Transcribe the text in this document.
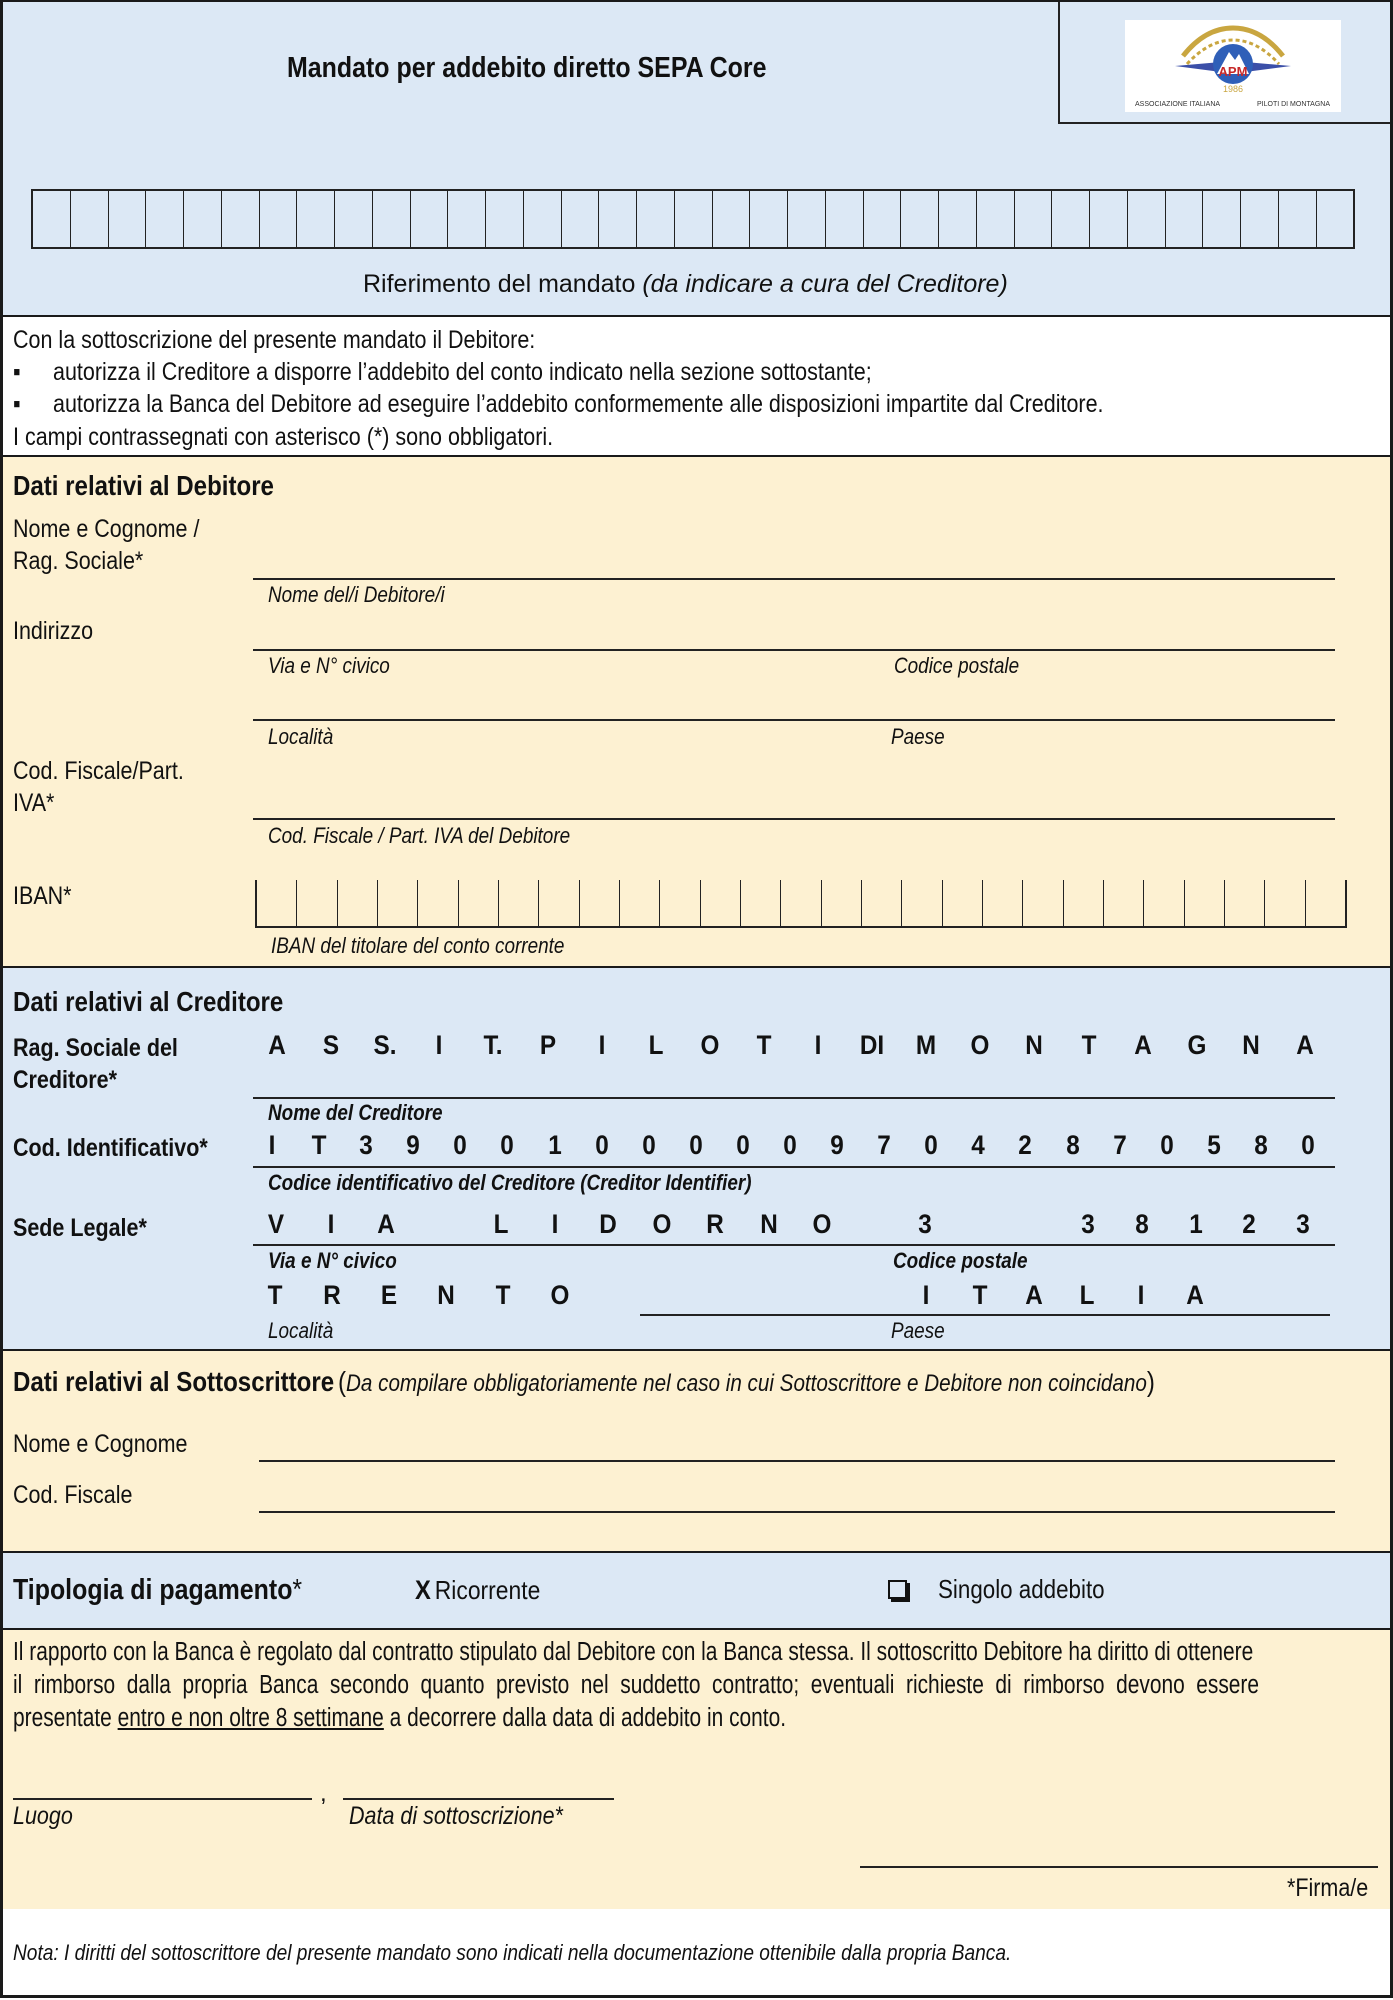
Mandato per addebito diretto SEPA Core	APM
1986
ASSOCIAZIONE ITALIANA	PILOTI DI MONTAGNA
Riferimento del mandato (da indicare a cura del Creditore)
Con la sottoscrizione del presente mandato il Debitore:
▪ autorizza il Creditore a disporre l’addebito del conto indicato nella sezione sottostante;
▪ autorizza la Banca del Debitore ad eseguire l’addebito conformemente alle disposizioni impartite dal Creditore.
I campi contrassegnati con asterisco (*) sono obbligatori.
Dati relativi al Debitore
Nome e Cognome /
Rag. Sociale*
Nome del/i Debitore/i
Indirizzo
Via e N° civico	Codice postale
Località	Paese
Cod. Fiscale/Part.
IVA*
Cod. Fiscale / Part. IVA del Debitore
IBAN*
IBAN del titolare del conto corrente
Dati relativi al Creditore
Rag. Sociale del
Creditore*
A S S. I T. P I L O T I DI M O N T A G N A
Nome del Creditore
Cod. Identificativo* I T 3 9 0 0 1 0 0 0 0 0 9 7 0 4 2 8 7 0 5 8 0
Codice identificativo del Creditore (Creditor Identifier)
Sede Legale*	V I A	L I D O R N O	3	3 8 1 2 3
Via e N° civico	Codice postale
T R E N T O	I T A L I A
Località	Paese
Dati relativi al Sottoscrittore (Da compilare obbligatoriamente nel caso in cui Sottoscrittore e Debitore non coincidano)
Nome e Cognome
Cod. Fiscale
Tipologia di pagamento*	X Ricorrente	Singolo addebito
Il rapporto con la Banca è regolato dal contratto stipulato dal Debitore con la Banca stessa. Il sottoscritto Debitore ha diritto di ottenere
il rimborso dalla propria Banca secondo quanto previsto nel suddetto contratto; eventuali richieste di rimborso devono essere
presentate entro e non oltre 8 settimane a decorrere dalla data di addebito in conto.
,
Luogo	Data di sottoscrizione*
*Firma/e
Nota: I diritti del sottoscrittore del presente mandato sono indicati nella documentazione ottenibile dalla propria Banca.
